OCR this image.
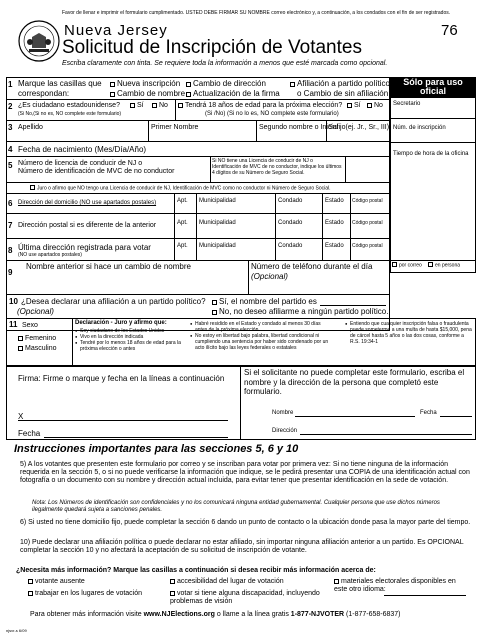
Favor de llenar e imprimir el formulario cumplimentado. USTED DEBE FIRMAR SU NOMBRE correo electrónico y, a continuación, a los condados con el fin de ser registrados.
Nueva Jersey	76
Solicitud de Inscripción de Votantes
Escriba claramente con tinta. Se requiere toda la información a menos que esté marcada como opcional.
Sólo para uso oficial
Secretario
Núm. de inscripción
Tiempo de hora de la oficina
por correo	en persona
1 Marque las casillas que correspondan:
Nueva inscripción
Cambio de nombre
Cambio de dirección
Actualización de la firma
Afiliación a partido político
o Cambio de sin afiliación
2 ¿Es ciudadano estadounidense?	Sí	No
(Si No,(Si no es, NO complete este formulario)
Tendrá 18 años de edad para la próxima elección?	Sí	No
(Si /No) (Si no lo es, NO complete este formulario)
3 Apellido	Primer Nombre	Segundo nombre o Inicial
Sufijo(ej. Jr., Sr., III)
4 Fecha de nacimiento (Mes/Día/Año)
5 Número de licencia de conducir de NJ o
Número de identificación de MVC de no conductor
Si NO tiene una Licencia de conducir de NJ o Identificación de MVC de no conductor, indique los últimos 4 dígitos de su Número de Seguro Social.
Juro o afirmo que NO tengo una Licencia de conducir de NJ, Identificación de MVC como no conductor ni Número de Seguro Social.
6 Dirección del domicilio (NO use apartados postales)	Apt. Municipalidad	Condado	Estado Código postal
7 Dirección postal si es diferente de la anterior	Apt. Municipalidad	Condado	Estado Código postal
8 Última dirección registrada para votar
(NO use apartados postales)
Apt. Municipalidad	Condado	Estado Código postal
9
Nombre anterior si hace un cambio de nombre	Número de teléfono durante el día
(Opcional)
10 ¿Desea declarar una afiliación a un partido político?
(Opcional)
Sí, el nombre del partido es
No, no deseo afiliarme a ningún partido político.
11 Sexo
Femenino
Masculino
Declaración - Juro y afirmo que:
● Soy ciudadano de los Estados Unidos
● Vivo en la dirección indicada
● Tendré por lo menos 18 años de edad para la próxima elección o antes
● Habré residido en el Estado y condado al menos 30 días antes de la próxima elección
● No estoy en libertad bajo palabra, libertad condicional ni cumpliendo una sentencia por haber sido condenado por un acto ilícito bajo las leyes federales o estatales
● Entiendo que cualquier inscripción falsa o fraudulenta puede someterme a una multa de hasta $15,000, pena de cárcel hasta 5 años o las dos cosas, conforme a R.S. 19:34-1
Firma: Firme o marque y fecha en la líneas a continuación
X
Fecha
Si el solicitante no puede completar este formulario, escriba el nombre y la dirección de la persona que completó este formulario.
Nombre	Fecha
Dirección
Instrucciones importantes para las secciones 5, 6 y 10
5) A los votantes que presenten este formulario por correo y se inscriban para votar por primera vez: Si no tiene ninguna de la información requerida en la sección 5, o si no puede verificarse la información que indique, se le pedirá presentar una COPIA de una identificación actual con fotografía o un documento con su nombre y dirección actual incluida, para evitar tener que presentar identificación en la sede de votación.
Nota: Los Números de identificación son confidenciales y no los comunicará ninguna entidad gubernamental. Cualquier persona que use dichos números ilegalmente quedará sujeta a sanciones penales.
6) Si usted no tiene domicilio fijo, puede completar la sección 6 dando un punto de contacto o la ubicación donde pasa la mayor parte del tiempo.
10) Puede declarar una afiliación política o puede declarar no estar afiliado, sin importar ninguna afiliación anterior a un partido. Es OPCIONAL completar la sección 10 y no afectará la aceptación de su solicitud de inscripción de votante.
¿Necesita más información? Marque las casillas a continuación si desea recibir más información acerca de:
votante ausente	accesibilidad del lugar de votación	materiales electorales disponibles en este otro idioma:
trabajar en los lugares de votación	votar si tiene alguna discapacidad, incluyendo problemas de visión
Para obtener más información visite www.NJElections.org o llame a la línea gratis 1-877-NJVOTER (1-877-658-6837)
njsvr-s 6/09
